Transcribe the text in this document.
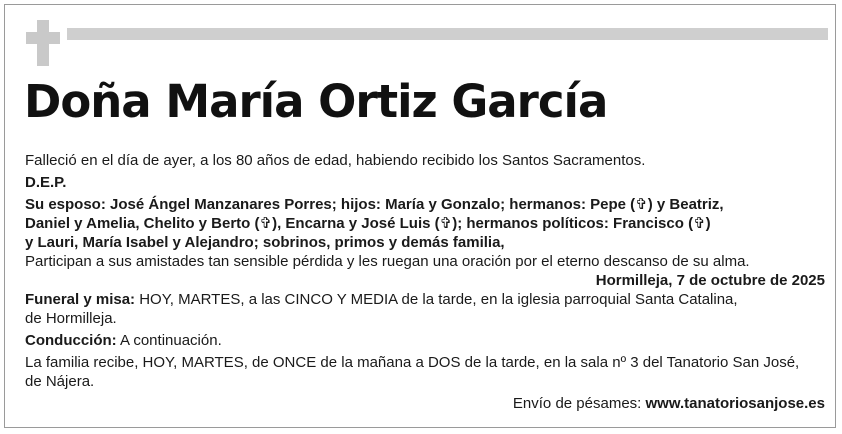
Doña María Ortiz García

Falleció en el día de ayer, a los 80 años de edad, habiendo recibido los Santos Sacramentos.

D.E.P.

Su esposo: José Ángel Manzanares Porres; hijos: María y Gonzalo; hermanos: Pepe (✞) y Beatriz,

Daniel y Amelia, Chelito y Berto (✞), Encarna y José Luis (✞); hermanos políticos: Francisco (✞)

y Lauri, María Isabel y Alejandro; sobrinos, primos y demás familia,

Participan a sus amistades tan sensible pérdida y les ruegan una oración por el eterno descanso de su alma.

Hormilleja, 7 de octubre de 2025

Funeral y misa: HOY, MARTES, a las CINCO Y MEDIA de la tarde, en la iglesia parroquial Santa Catalina,

de Hormilleja.

Conducción: A continuación.

La familia recibe, HOY, MARTES, de ONCE de la mañana a DOS de la tarde, en la sala nº 3 del Tanatorio San José,

de Nájera.

Envío de pésames: www.tanatoriosanjose.es
